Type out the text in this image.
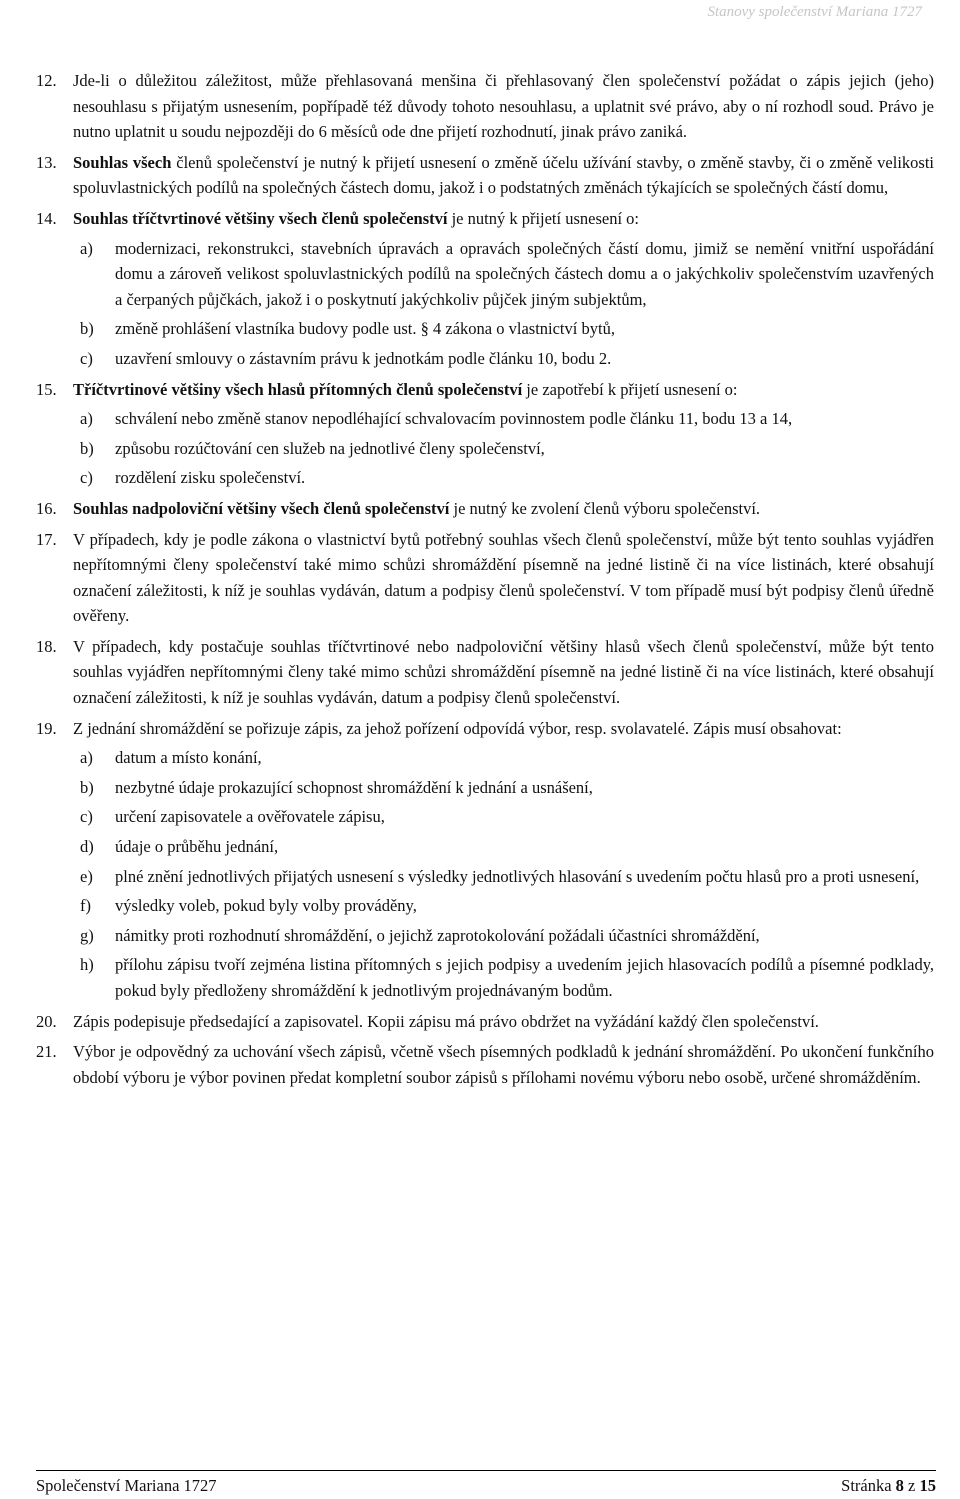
Stanovy společenství Mariana 1727
12. Jde-li o důležitou záležitost, může přehlasovaná menšina či přehlasovaný člen společenství požádat o zápis jejich (jeho) nesouhlasu s přijatým usnesením, popřípadě též důvody tohoto nesouhlasu, a uplatnit své právo, aby o ní rozhodl soud. Právo je nutno uplatnit u soudu nejpozději do 6 měsíců ode dne přijetí rozhodnutí, jinak právo zaniká.
13. Souhlas všech členů společenství je nutný k přijetí usnesení o změně účelu užívání stavby, o změně stavby, či o změně velikosti spoluvlastnických podílů na společných částech domu, jakož i o podstatných změnách týkajících se společných částí domu,
14. Souhlas tříčtvrtinové většiny všech členů společenství je nutný k přijetí usnesení o:
a) modernizaci, rekonstrukci, stavebních úpravách a opravách společných částí domu, jimiž se nemění vnitřní uspořádání domu a zároveň velikost spoluvlastnických podílů na společných částech domu a o jakýchkoliv společenstvím uzavřených a čerpaných půjčkách, jakož i o poskytnutí jakýchkoliv půjček jiným subjektům,
b) změně prohlášení vlastníka budovy podle ust. § 4 zákona o vlastnictví bytů,
c) uzavření smlouvy o zástavním právu k jednotkám podle článku 10, bodu 2.
15. Tříčtvrtinové většiny všech hlasů přítomných členů společenství je zapotřebí k přijetí usnesení o:
a) schválení nebo změně stanov nepodléhající schvalovacím povinnostem podle článku 11, bodu 13 a 14,
b) způsobu rozúčtování cen služeb na jednotlivé členy společenství,
c) rozdělení zisku společenství.
16. Souhlas nadpoloviční většiny všech členů společenství je nutný ke zvolení členů výboru společenství.
17. V případech, kdy je podle zákona o vlastnictví bytů potřebný souhlas všech členů společenství, může být tento souhlas vyjádřen nepřítomnými členy společenství také mimo schůzi shromáždění písemně na jedné listině či na více listinách, které obsahují označení záležitosti, k níž je souhlas vydáván, datum a podpisy členů společenství. V tom případě musí být podpisy členů úředně ověřeny.
18. V případech, kdy postačuje souhlas tříčtvrtinové nebo nadpoloviční většiny hlasů všech členů společenství, může být tento souhlas vyjádřen nepřítomnými členy také mimo schůzi shromáždění písemně na jedné listině či na více listinách, které obsahují označení záležitosti, k níž je souhlas vydáván, datum a podpisy členů společenství.
19. Z jednání shromáždění se pořizuje zápis, za jehož pořízení odpovídá výbor, resp. svolavatelé. Zápis musí obsahovat:
a) datum a místo konání,
b) nezbytné údaje prokazující schopnost shromáždění k jednání a usnášení,
c) určení zapisovatele a ověřovatele zápisu,
d) údaje o průběhu jednání,
e) plné znění jednotlivých přijatých usnesení s výsledky jednotlivých hlasování s uvedením počtu hlasů pro a proti usnesení,
f) výsledky voleb, pokud byly volby prováděny,
g) námitky proti rozhodnutí shromáždění, o jejichž zaprotokolování požádali účastníci shromáždění,
h) přílohu zápisu tvoří zejména listina přítomných s jejich podpisy a uvedením jejich hlasovacích podílů a písemné podklady, pokud byly předloženy shromáždění k jednotlivým projednávaným bodům.
20. Zápis podepisuje předsedající a zapisovatel. Kopii zápisu má právo obdržet na vyžádání každý člen společenství.
21. Výbor je odpovědný za uchování všech zápisů, včetně všech písemných podkladů k jednání shromáždění. Po ukončení funkčního období výboru je výbor povinen předat kompletní soubor zápisů s přílohami novému výboru nebo osobě, určené shromážděním.
Společenství Mariana 1727	Stránka 8 z 15
